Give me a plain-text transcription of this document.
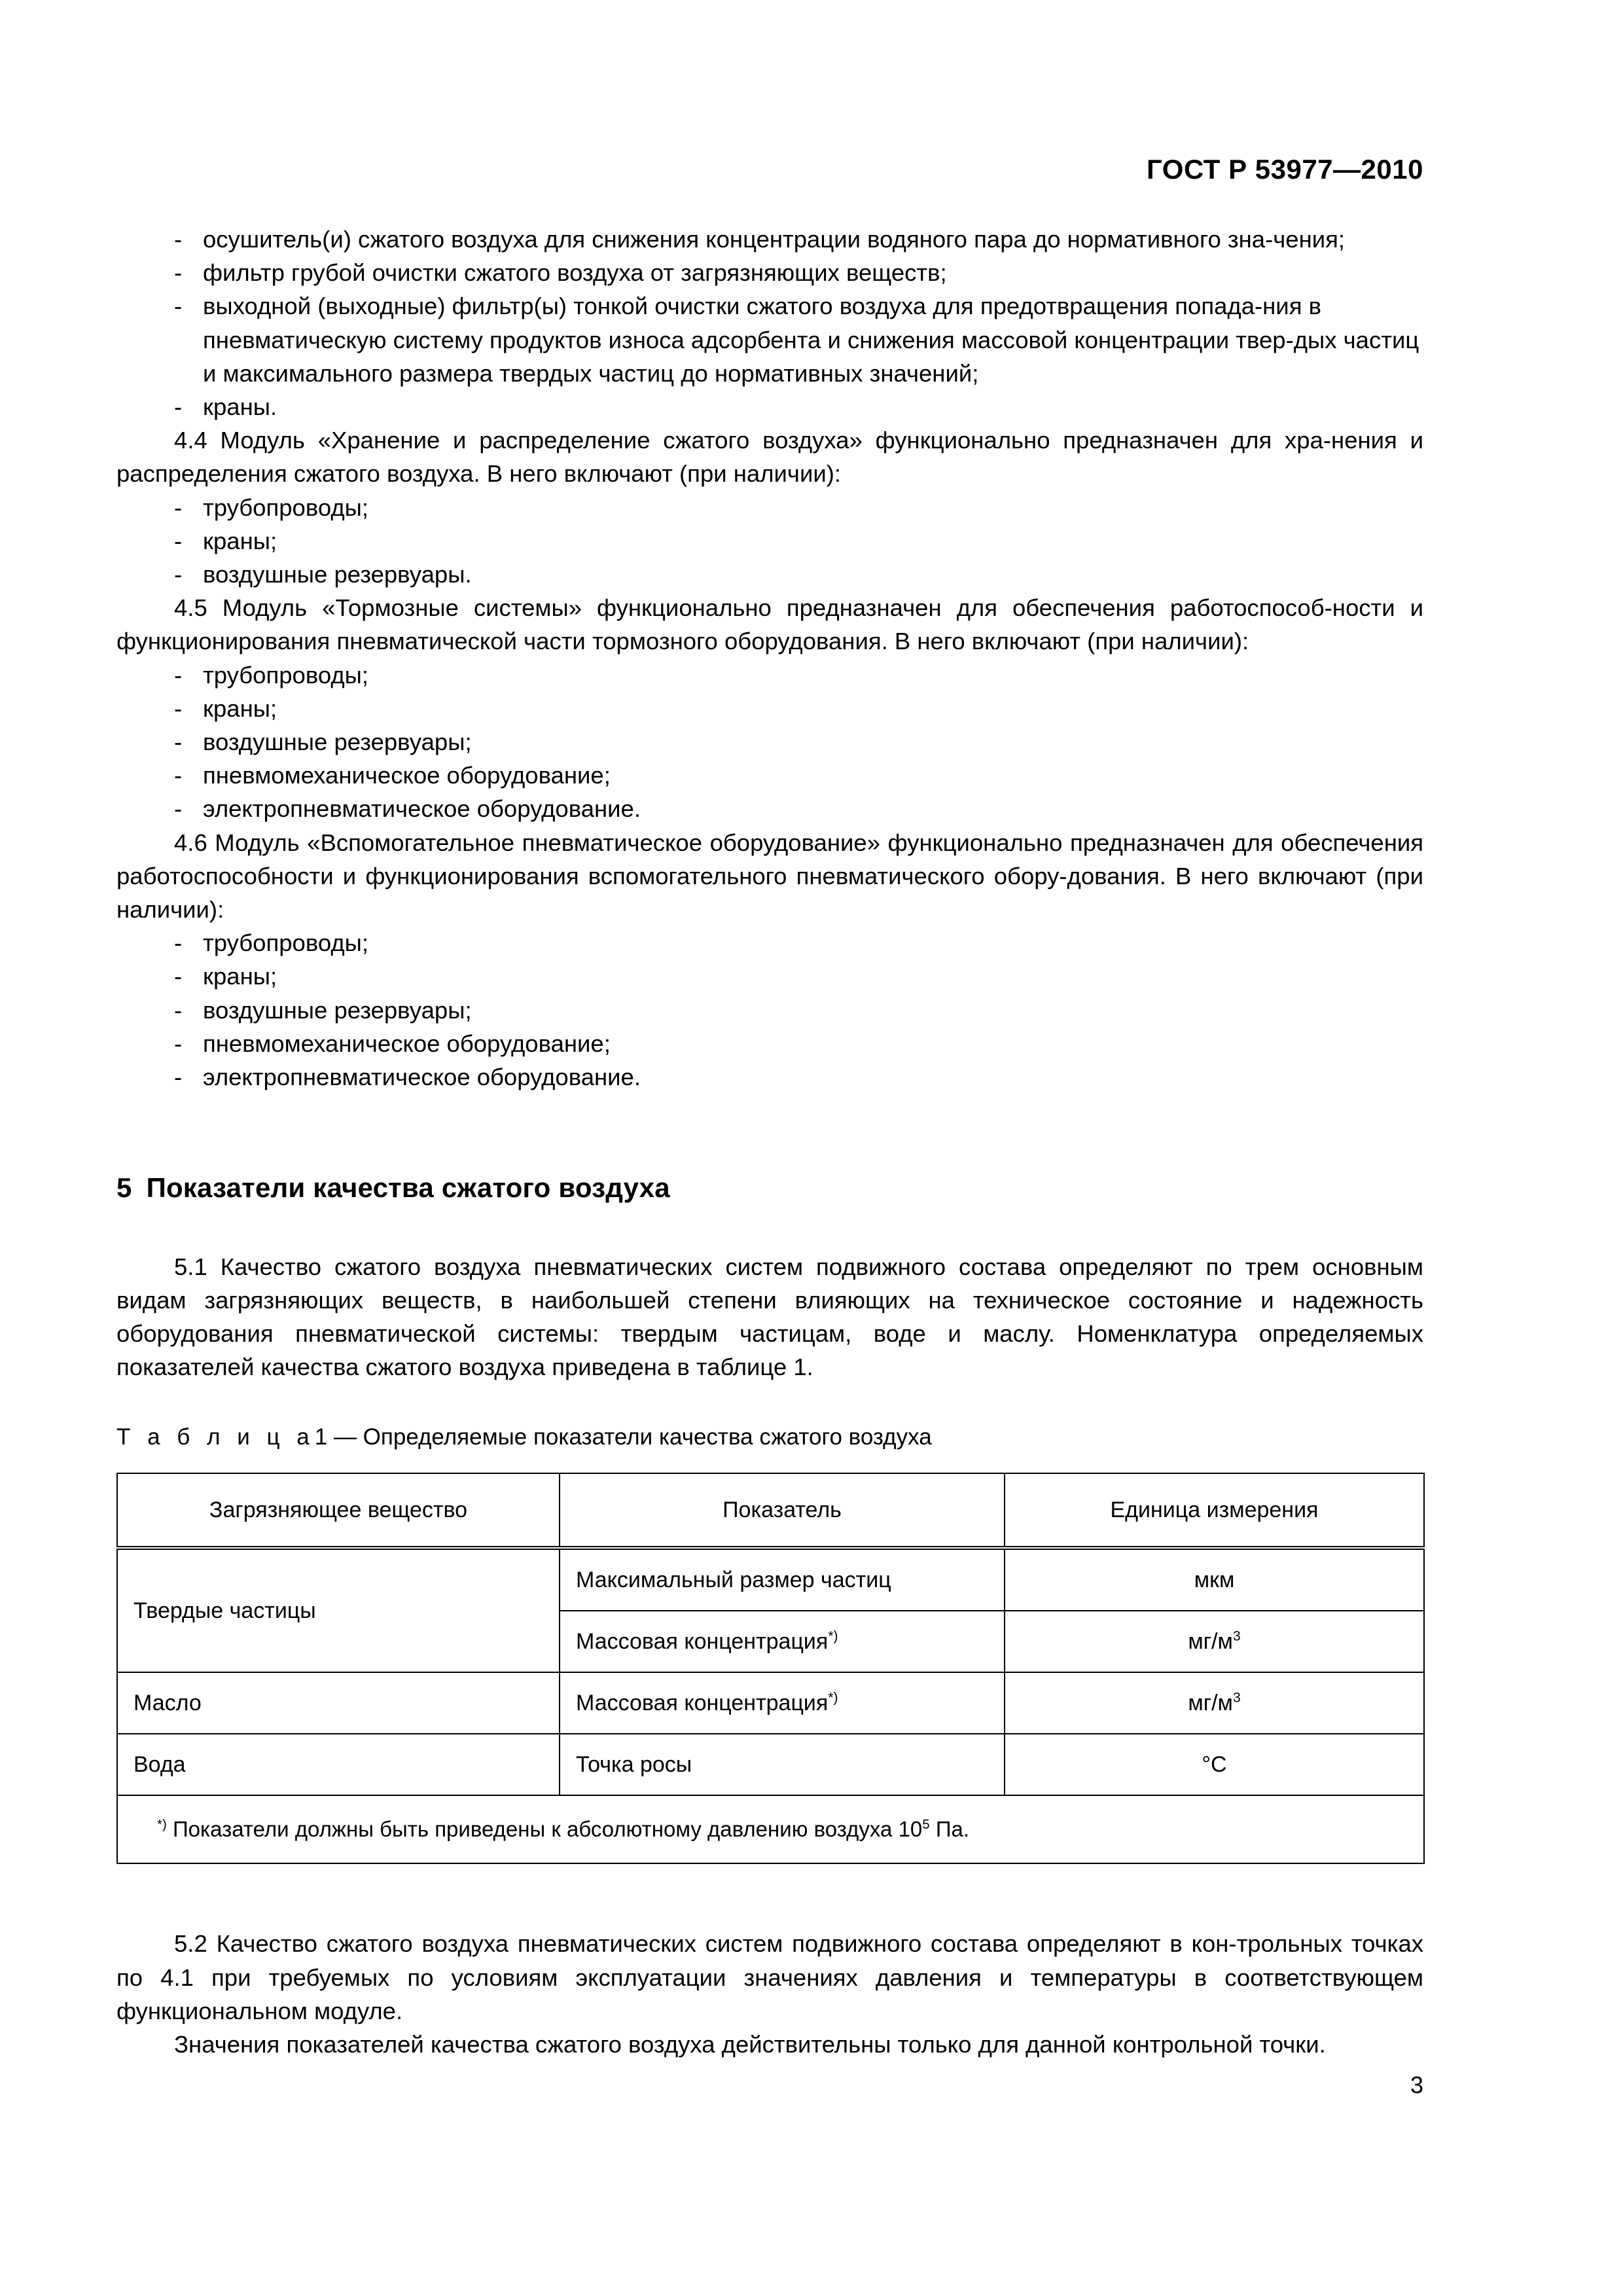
ГОСТ Р 53977—2010
- осушитель(и) сжатого воздуха для снижения концентрации водяного пара до нормативного зна-чения;
- фильтр грубой очистки сжатого воздуха от загрязняющих веществ;
- выходной (выходные) фильтр(ы) тонкой очистки сжатого воздуха для предотвращения попада-ния в пневматическую систему продуктов износа адсорбента и снижения массовой концентрации твер-дых частиц и максимального размера твердых частиц до нормативных значений;
- краны.

4.4 Модуль «Хранение и распределение сжатого воздуха» функционально предназначен для хра-нения и распределения сжатого воздуха. В него включают (при наличии):

- трубопроводы;
- краны;
- воздушные резервуары.

4.5 Модуль «Тормозные системы» функционально предназначен для обеспечения работоспособ-ности и функционирования пневматической части тормозного оборудования. В него включают (при наличии):

- трубопроводы;
- краны;
- воздушные резервуары;
- пневмомеханическое оборудование;
- электропневматическое оборудование.

4.6 Модуль «Вспомогательное пневматическое оборудование» функционально предназначен для обеспечения работоспособности и функционирования вспомогательного пневматического обору-дования. В него включают (при наличии):

- трубопроводы;
- краны;
- воздушные резервуары;
- пневмомеханическое оборудование;
- электропневматическое оборудование.
5 Показатели качества сжатого воздуха

5.1 Качество сжатого воздуха пневматических систем подвижного состава определяют по трем основным видам загрязняющих веществ, в наибольшей степени влияющих на техническое состояние и надежность оборудования пневматической системы: твердым частицам, воде и маслу. Номенклатура определяемых показателей качества сжатого воздуха приведена в таблице 1.

Т а б л и ц а1 — Определяемые показатели качества сжатого воздуха

Загрязняющее вещество	Показатель	Единица измерения
Твердые частицы	Максимальный размер частиц	мкм
	Массовая концентрация*)	$мг/м^3$
Масло	Массовая концентрация*)	$мг/м^3$
Вода	Точка росы	°C
*) Показатели должны быть приведены к абсолютному давлению воздуха $10^5$ Па.		

5.2 Качество сжатого воздуха пневматических систем подвижного состава определяют в кон-трольных точках по 4.1 при требуемых по условиям эксплуатации значениях давления и температуры в соответствующем функциональном модуле.

Значения показателей качества сжатого воздуха действительны только для данной контрольной точки.

3
